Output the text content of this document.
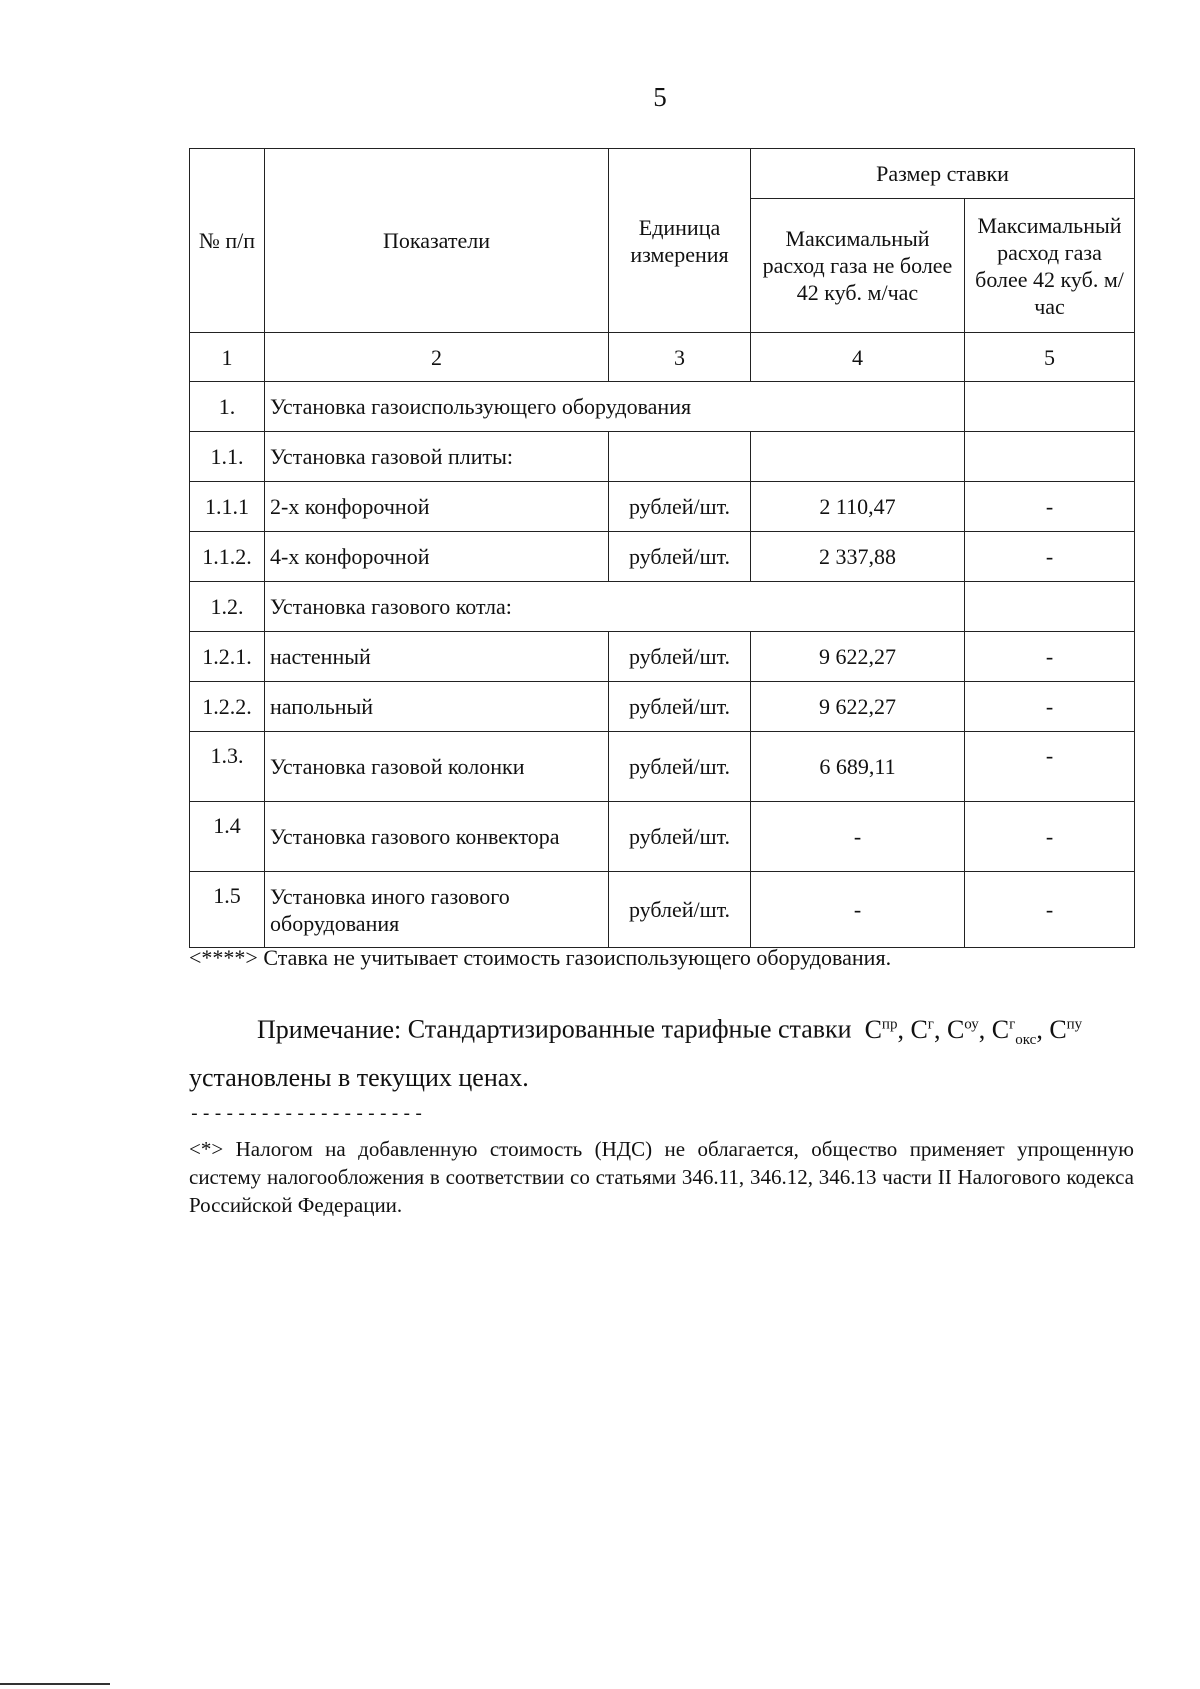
5
№ п/п	Показатели	Единица измерения	Размер ставки	
			Максимальный расход газа не более 42 куб. м/час	Максимальный расход газа более 42 куб. м/час
1	2	3	4	5
1.	Установка газоиспользующего оборудования			
1.1.	Установка газовой плиты:			
1.1.1	2-х конфорочной	рублей/шт.	2 110,47	-
1.1.2.	4-х конфорочной	рублей/шт.	2 337,88	-
1.2.	Установка газового котла:			
1.2.1.	настенный	рублей/шт.	9 622,27	-
1.2.2.	напольный	рублей/шт.	9 622,27	-
1.3.	Установка газовой колонки	рублей/шт.	6 689,11	-
1.4	Установка газового конвектора	рублей/шт.	-	-
1.5	Установка иного газового оборудования	рублей/шт.	-	-
<****> Ставка не учитывает стоимость газоиспользующего оборудования.
Примечание: Стандартизированные тарифные ставки  $С^{пр}$, $С^г$, $С^{оу}$, $С^г_{окс}$, $С^{пу}$ установлены в текущих ценах.
--------------------
<*> Налогом на добавленную стоимость (НДС) не облагается, общество применяет упрощенную систему налогообложения в соответствии со статьями 346.11, 346.12, 346.13 части II Налогового кодекса Российской Федерации.
